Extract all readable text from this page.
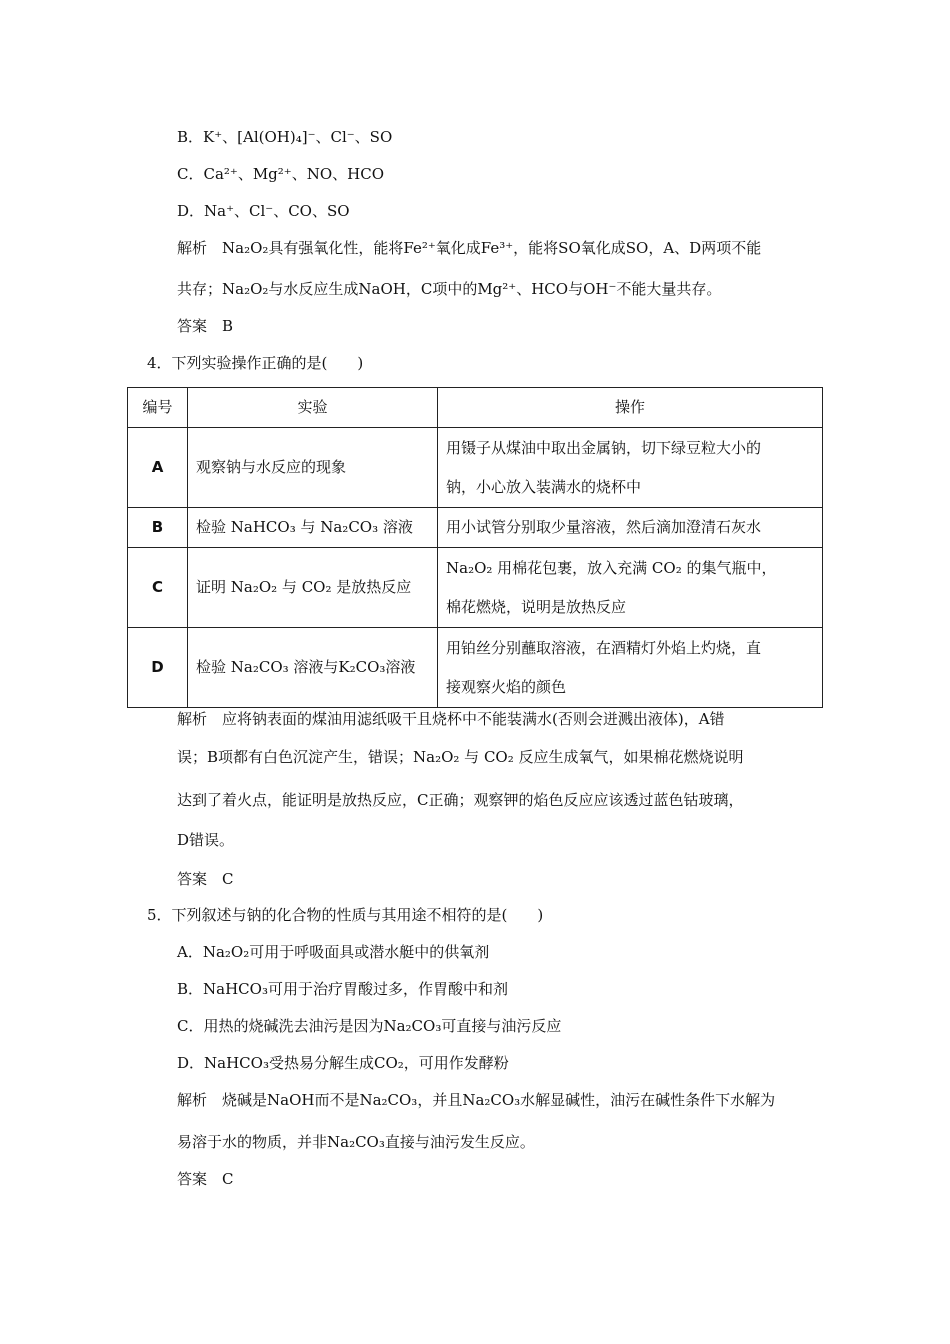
B．K⁺、[Al(OH)₄]⁻、Cl⁻、SO
C．Ca²⁺、Mg²⁺、NO、HCO
D．Na⁺、Cl⁻、CO、SO
解析　Na₂O₂具有强氧化性，能将Fe²⁺氧化成Fe³⁺，能将SO氧化成SO，A、D两项不能
共存；Na₂O₂与水反应生成NaOH，C项中的Mg²⁺、HCO与OH⁻不能大量共存。
答案　B
4．下列实验操作正确的是(　　)
编号	实验	操作
A	观察钠与水反应的现象	用镊子从煤油中取出金属钠，切下绿豆粒大小的
钠，小心放入装满水的烧杯中

B	检验 NaHCO₃ 与 Na₂CO₃ 溶液	用小试管分别取少量溶液，然后滴加澄清石灰水

C	证明 Na₂O₂ 与 CO₂ 是放热反应	Na₂O₂ 用棉花包裹，放入充满 CO₂ 的集气瓶中，
棉花燃烧，说明是放热反应

D	检验 Na₂CO₃ 溶液与K₂CO₃溶液	用铂丝分别蘸取溶液，在酒精灯外焰上灼烧，直
接观察火焰的颜色
解析　应将钠表面的煤油用滤纸吸干且烧杯中不能装满水(否则会迸溅出液体)，A错
误；B项都有白色沉淀产生，错误；Na₂O₂ 与 CO₂ 反应生成氧气，如果棉花燃烧说明
达到了着火点，能证明是放热反应，C正确；观察钾的焰色反应应该透过蓝色钴玻璃，
D错误。
答案　C
5．下列叙述与钠的化合物的性质与其用途不相符的是(　　)
A．Na₂O₂可用于呼吸面具或潜水艇中的供氧剂
B．NaHCO₃可用于治疗胃酸过多，作胃酸中和剂
C．用热的烧碱洗去油污是因为Na₂CO₃可直接与油污反应
D．NaHCO₃受热易分解生成CO₂，可用作发酵粉
解析　烧碱是NaOH而不是Na₂CO₃，并且Na₂CO₃水解显碱性，油污在碱性条件下水解为
易溶于水的物质，并非Na₂CO₃直接与油污发生反应。
答案　C
